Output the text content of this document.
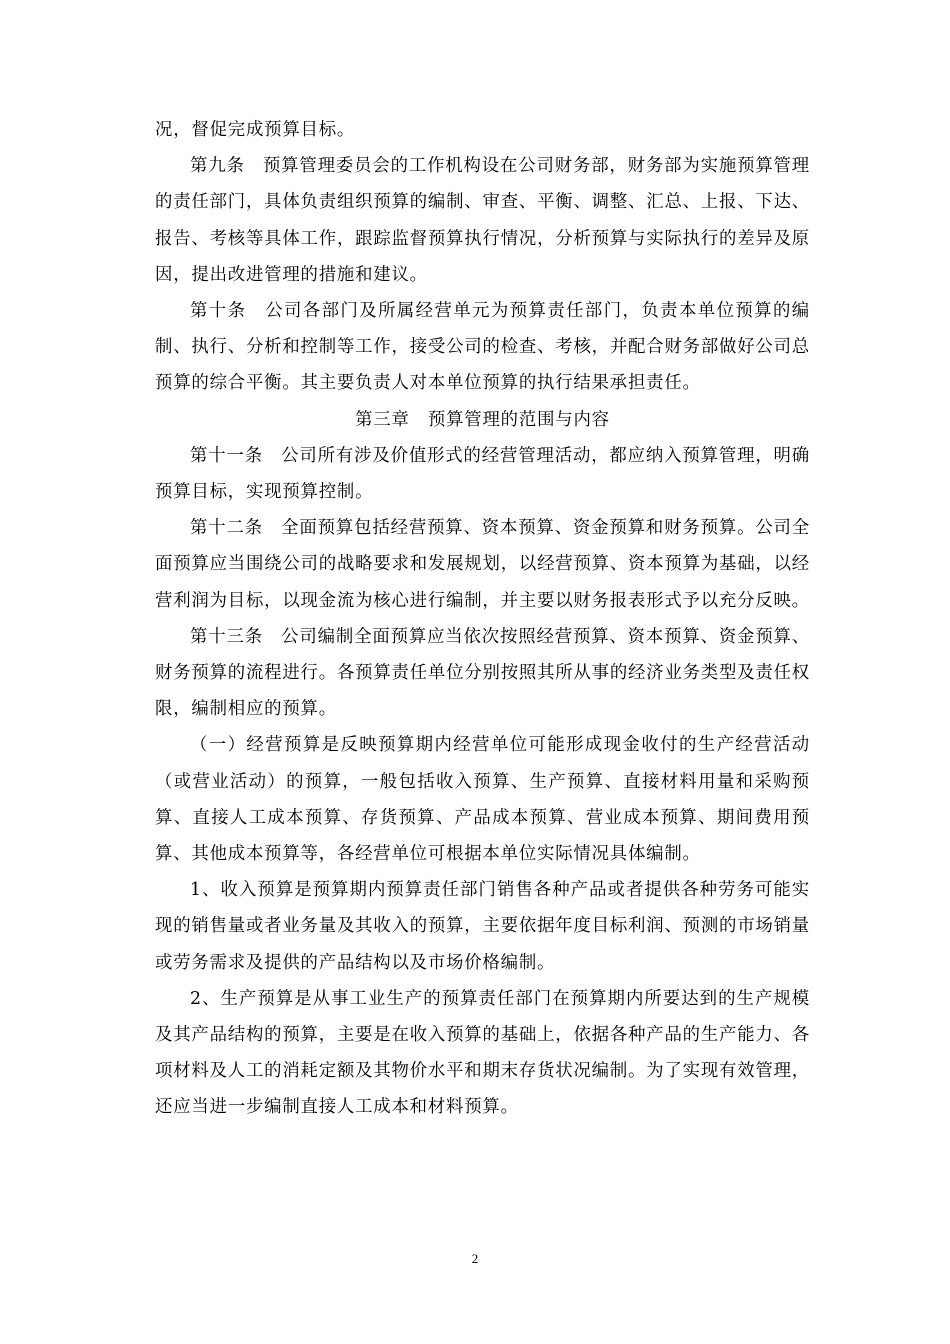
况，督促完成预算目标。

第九条　预算管理委员会的工作机构设在公司财务部，财务部为实施预算管理的责任部门，具体负责组织预算的编制、审查、平衡、调整、汇总、上报、下达、报告、考核等具体工作，跟踪监督预算执行情况，分析预算与实际执行的差异及原因，提出改进管理的措施和建议。

第十条　公司各部门及所属经营单元为预算责任部门，负责本单位预算的编制、执行、分析和控制等工作，接受公司的检查、考核，并配合财务部做好公司总预算的综合平衡。其主要负责人对本单位预算的执行结果承担责任。

第三章　预算管理的范围与内容

第十一条　公司所有涉及价值形式的经营管理活动，都应纳入预算管理，明确预算目标，实现预算控制。

第十二条　全面预算包括经营预算、资本预算、资金预算和财务预算。公司全面预算应当围绕公司的战略要求和发展规划，以经营预算、资本预算为基础，以经营利润为目标，以现金流为核心进行编制，并主要以财务报表形式予以充分反映。

第十三条　公司编制全面预算应当依次按照经营预算、资本预算、资金预算、财务预算的流程进行。各预算责任单位分别按照其所从事的经济业务类型及责任权限，编制相应的预算。

（一）经营预算是反映预算期内经营单位可能形成现金收付的生产经营活动（或营业活动）的预算，一般包括收入预算、生产预算、直接材料用量和采购预算、直接人工成本预算、存货预算、产品成本预算、营业成本预算、期间费用预算、其他成本预算等，各经营单位可根据本单位实际情况具体编制。

1、收入预算是预算期内预算责任部门销售各种产品或者提供各种劳务可能实现的销售量或者业务量及其收入的预算，主要依据年度目标利润、预测的市场销量或劳务需求及提供的产品结构以及市场价格编制。

2、生产预算是从事工业生产的预算责任部门在预算期内所要达到的生产规模及其产品结构的预算，主要是在收入预算的基础上，依据各种产品的生产能力、各项材料及人工的消耗定额及其物价水平和期末存货状况编制。为了实现有效管理，还应当进一步编制直接人工成本和材料预算。

2
